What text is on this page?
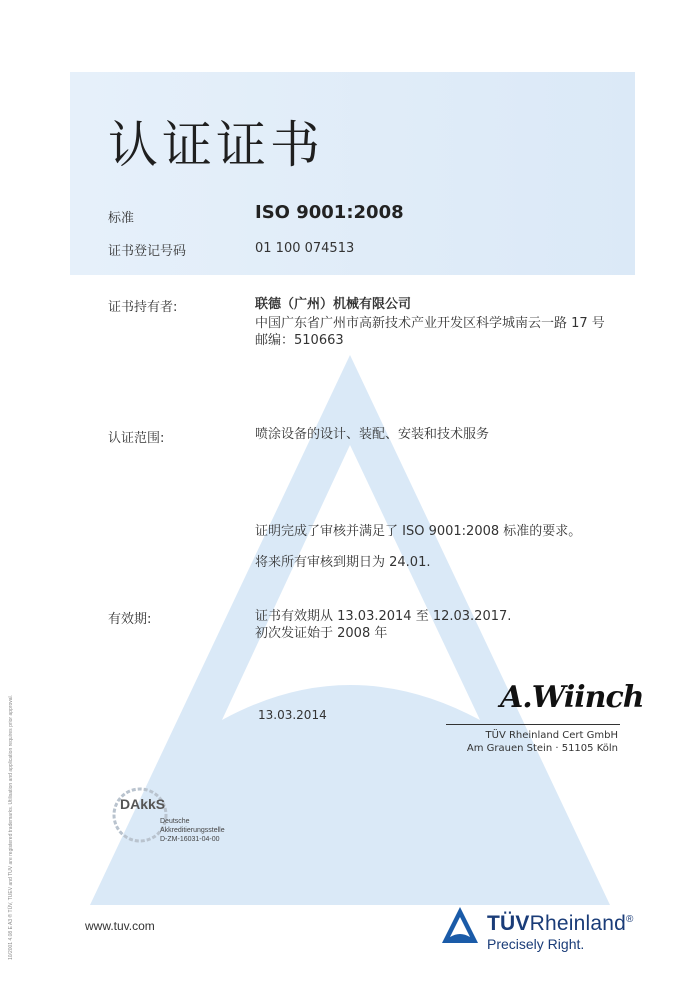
认证证书
标准	ISO 9001:2008
证书登记号码	01 100 074513
证书持有者:	联德（广州）机械有限公司
中国广东省广州市高新技术产业开发区科学城南云一路 17 号
邮编：510663
认证范围:	喷涂设备的设计、装配、安装和技术服务
证明完成了审核并满足了 ISO 9001:2008 标准的要求。
将来所有审核到期日为 24.01.
有效期:	证书有效期从 13.03.2014 至 12.03.2017.
初次发证始于 2008 年
13.03.2014	A.Wiinch
TÜV Rheinland Cert GmbH
Am Grauen Stein · 51105 Köln
DAkkS
Deutsche
Akkreditierungsstelle
D-ZM-16031-04-00
www.tuv.com	TÜVRheinland®
Precisely Right.
10/2001 4.08 E A3 ® TÜV, TUEV and TUV are registered trademarks. Utilisation and application requires prior approval.
